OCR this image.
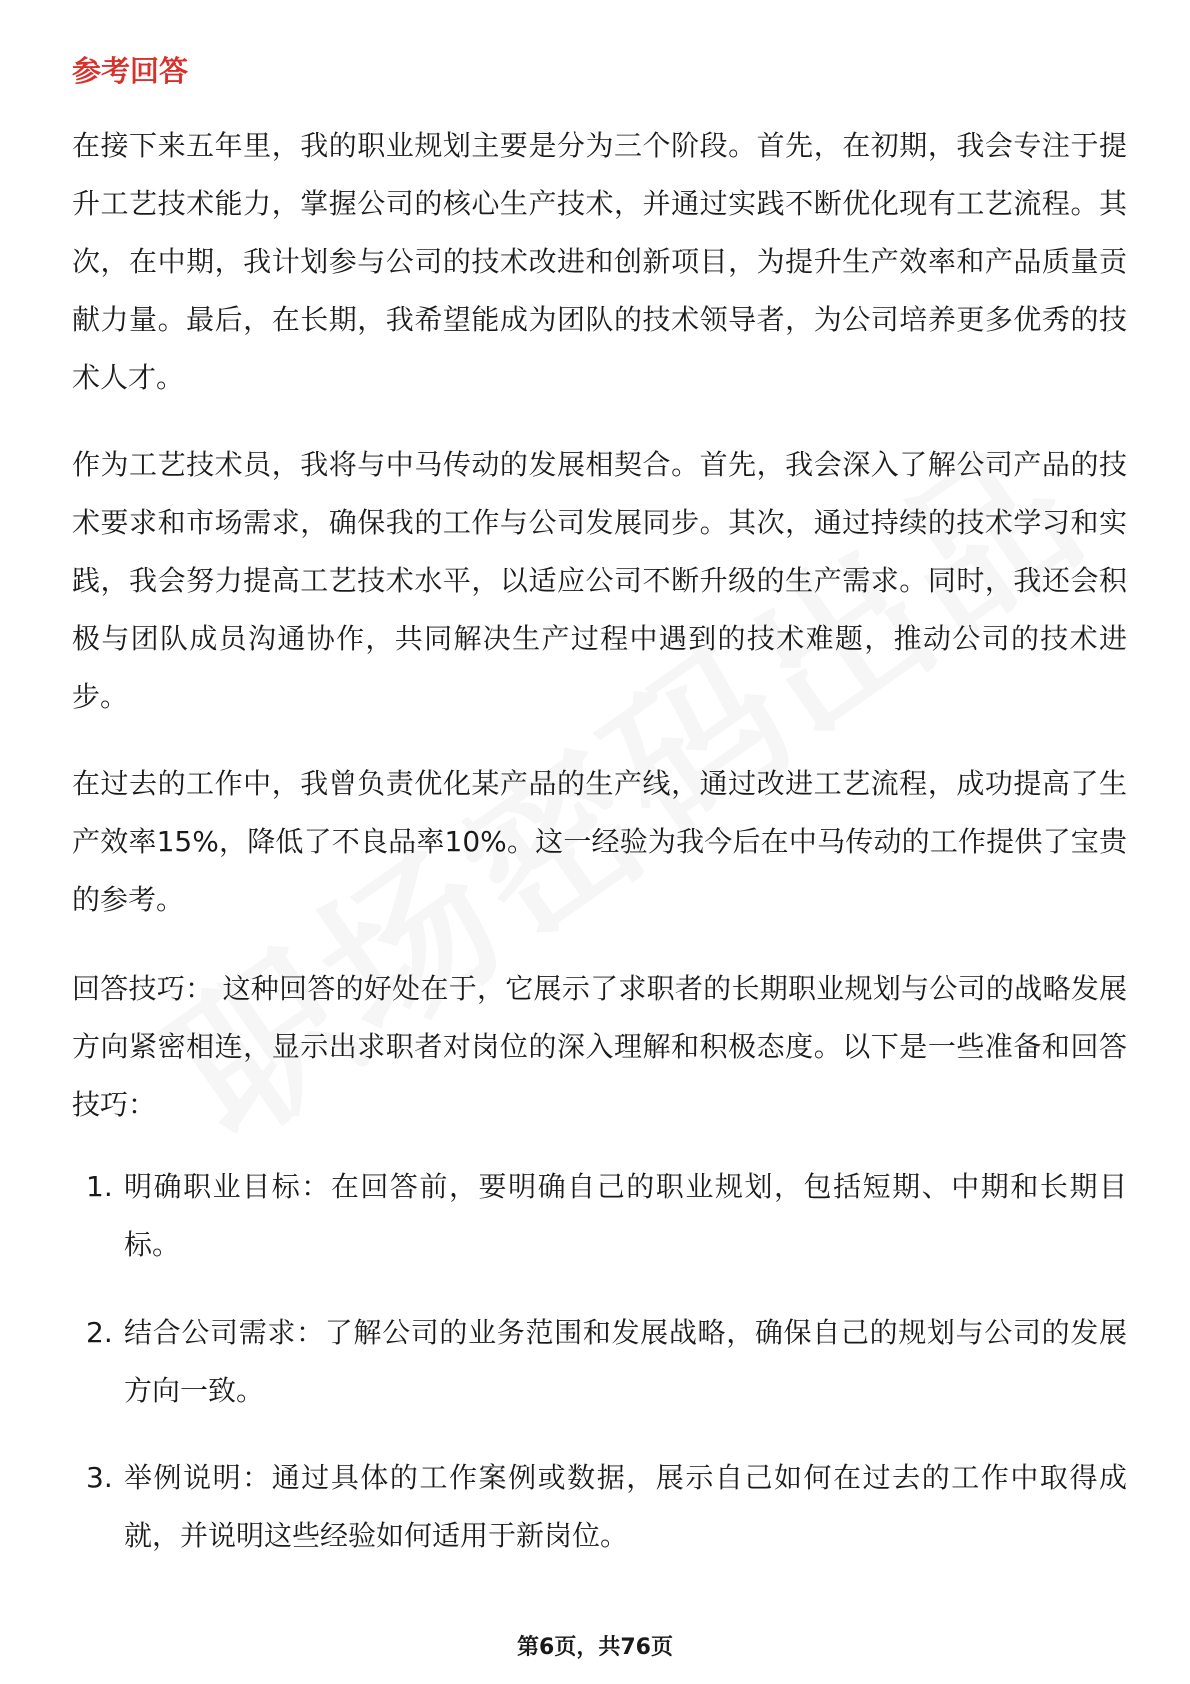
参考回答

在接下来五年里，我的职业规划主要是分为三个阶段。首先，在初期，我会专注于提升工艺技术能力，掌握公司的核心生产技术，并通过实践不断优化现有工艺流程。其次，在中期，我计划参与公司的技术改进和创新项目，为提升生产效率和产品质量贡献力量。最后，在长期，我希望能成为团队的技术领导者，为公司培养更多优秀的技术人才。

作为工艺技术员，我将与中马传动的发展相契合。首先，我会深入了解公司产品的技术要求和市场需求，确保我的工作与公司发展同步。其次，通过持续的技术学习和实践，我会努力提高工艺技术水平，以适应公司不断升级的生产需求。同时，我还会积极与团队成员沟通协作，共同解决生产过程中遇到的技术难题，推动公司的技术进步。

在过去的工作中，我曾负责优化某产品的生产线，通过改进工艺流程，成功提高了生产效率15%，降低了不良品率10%。这一经验为我今后在中马传动的工作提供了宝贵的参考。

回答技巧： 这种回答的好处在于，它展示了求职者的长期职业规划与公司的战略发展方向紧密相连，显示出求职者对岗位的深入理解和积极态度。以下是一些准备和回答技巧：

1. 明确职业目标：在回答前，要明确自己的职业规划，包括短期、中期和长期目标。
2. 结合公司需求：了解公司的业务范围和发展战略，确保自己的规划与公司的发展方向一致。
3. 举例说明：通过具体的工作案例或数据，展示自己如何在过去的工作中取得成就，并说明这些经验如何适用于新岗位。

第6页，共76页
